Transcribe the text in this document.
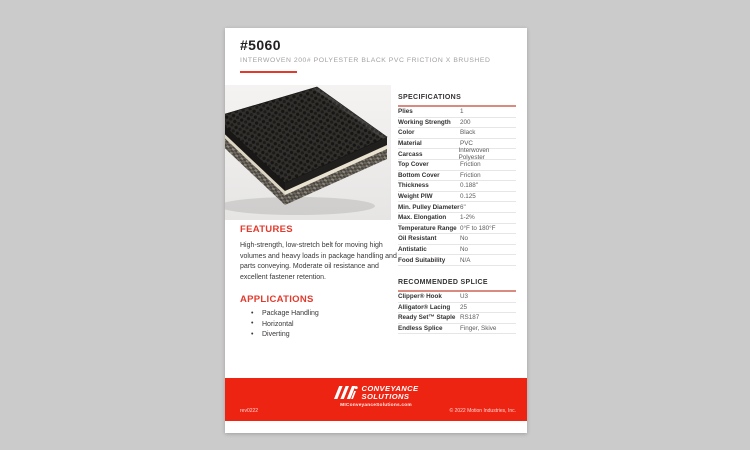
#5060
INTERWOVEN 200# POLYESTER BLACK PVC FRICTION X BRUSHED
FEATURES
High-strength, low-stretch belt for moving high volumes and heavy loads in package handling and parts conveying. Moderate oil resistance and excellent fastener retention.
APPLICATIONS
• Package Handling
• Horizontal
• Diverting
SPECIFICATIONS
Plies	1
Working Strength	200
Color	Black
Material	PVC
Carcass	Interwoven Polyester
Top Cover	Friction
Bottom Cover	Friction
Thickness	0.188"
Weight PIW	0.125
Min. Pulley Diameter 6"
Max. Elongation	1-2%
Temperature Range 0°F to 180°F
Oil Resistant	No
Antistatic	No
Food Suitability	N/A
RECOMMENDED SPLICE
Clipper® Hook	U3
Alligator® Lacing	25
Ready Set™ Staple RS187
Endless Splice	Finger, Skive
CONVEYANCE
SOLUTIONS
MIConveyanceSolutions.com
rev0222	© 2022 Motion Industries, Inc.
